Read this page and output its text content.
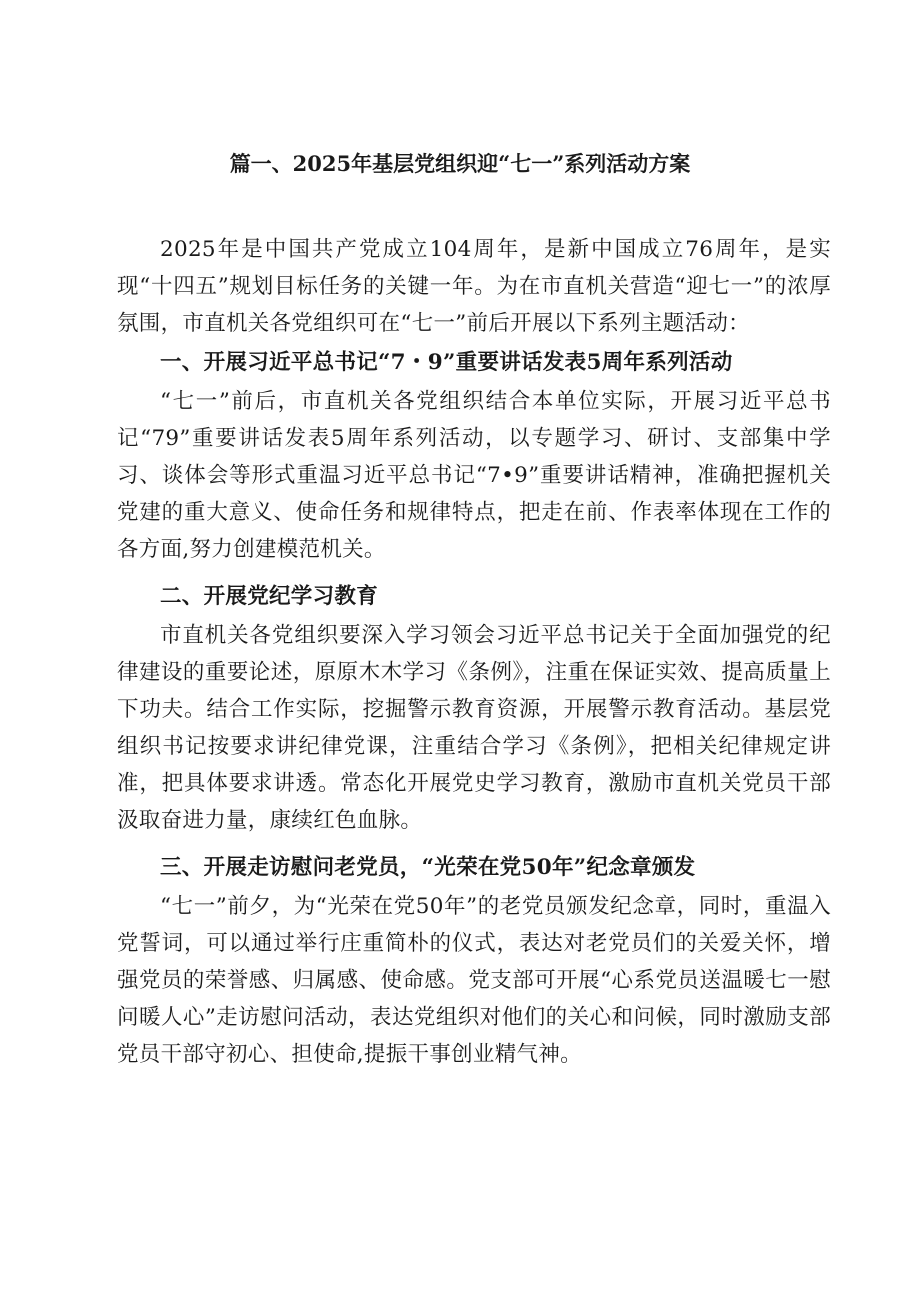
篇一、2025年基层党组织迎“七一”系列活动方案

2025年是中国共产党成立104周年，是新中国成立76周年，是实现“十四五”规划目标任务的关键一年。为在市直机关营造“迎七一”的浓厚氛围，市直机关各党组织可在“七一”前后开展以下系列主题活动：

一、开展习近平总书记“7・9”重要讲话发表5周年系列活动

“七一”前后，市直机关各党组织结合本单位实际，开展习近平总书记“79”重要讲话发表5周年系列活动，以专题学习、研讨、支部集中学习、谈体会等形式重温习近平总书记“7•9”重要讲话精神，准确把握机关党建的重大意义、使命任务和规律特点，把走在前、作表率体现在工作的各方面,努力创建模范机关。

二、开展党纪学习教育

市直机关各党组织要深入学习领会习近平总书记关于全面加强党的纪律建设的重要论述，原原木木学习《条例》，注重在保证实效、提高质量上下功夫。结合工作实际，挖掘警示教育资源，开展警示教育活动。基层党组织书记按要求讲纪律党课，注重结合学习《条例》，把相关纪律规定讲准，把具体要求讲透。常态化开展党史学习教育，激励市直机关党员干部汲取奋进力量，康续红色血脉。

三、开展走访慰问老党员，“光荣在党50年”纪念章颁发

“七一”前夕，为“光荣在党50年”的老党员颁发纪念章，同时，重温入党誓词，可以通过举行庄重简朴的仪式，表达对老党员们的关爱关怀，增强党员的荣誉感、归属感、使命感。党支部可开展“心系党员送温暖七一慰问暖人心”走访慰问活动，表达党组织对他们的关心和问候，同时激励支部党员干部守初心、担使命,提振干事创业精气神。
